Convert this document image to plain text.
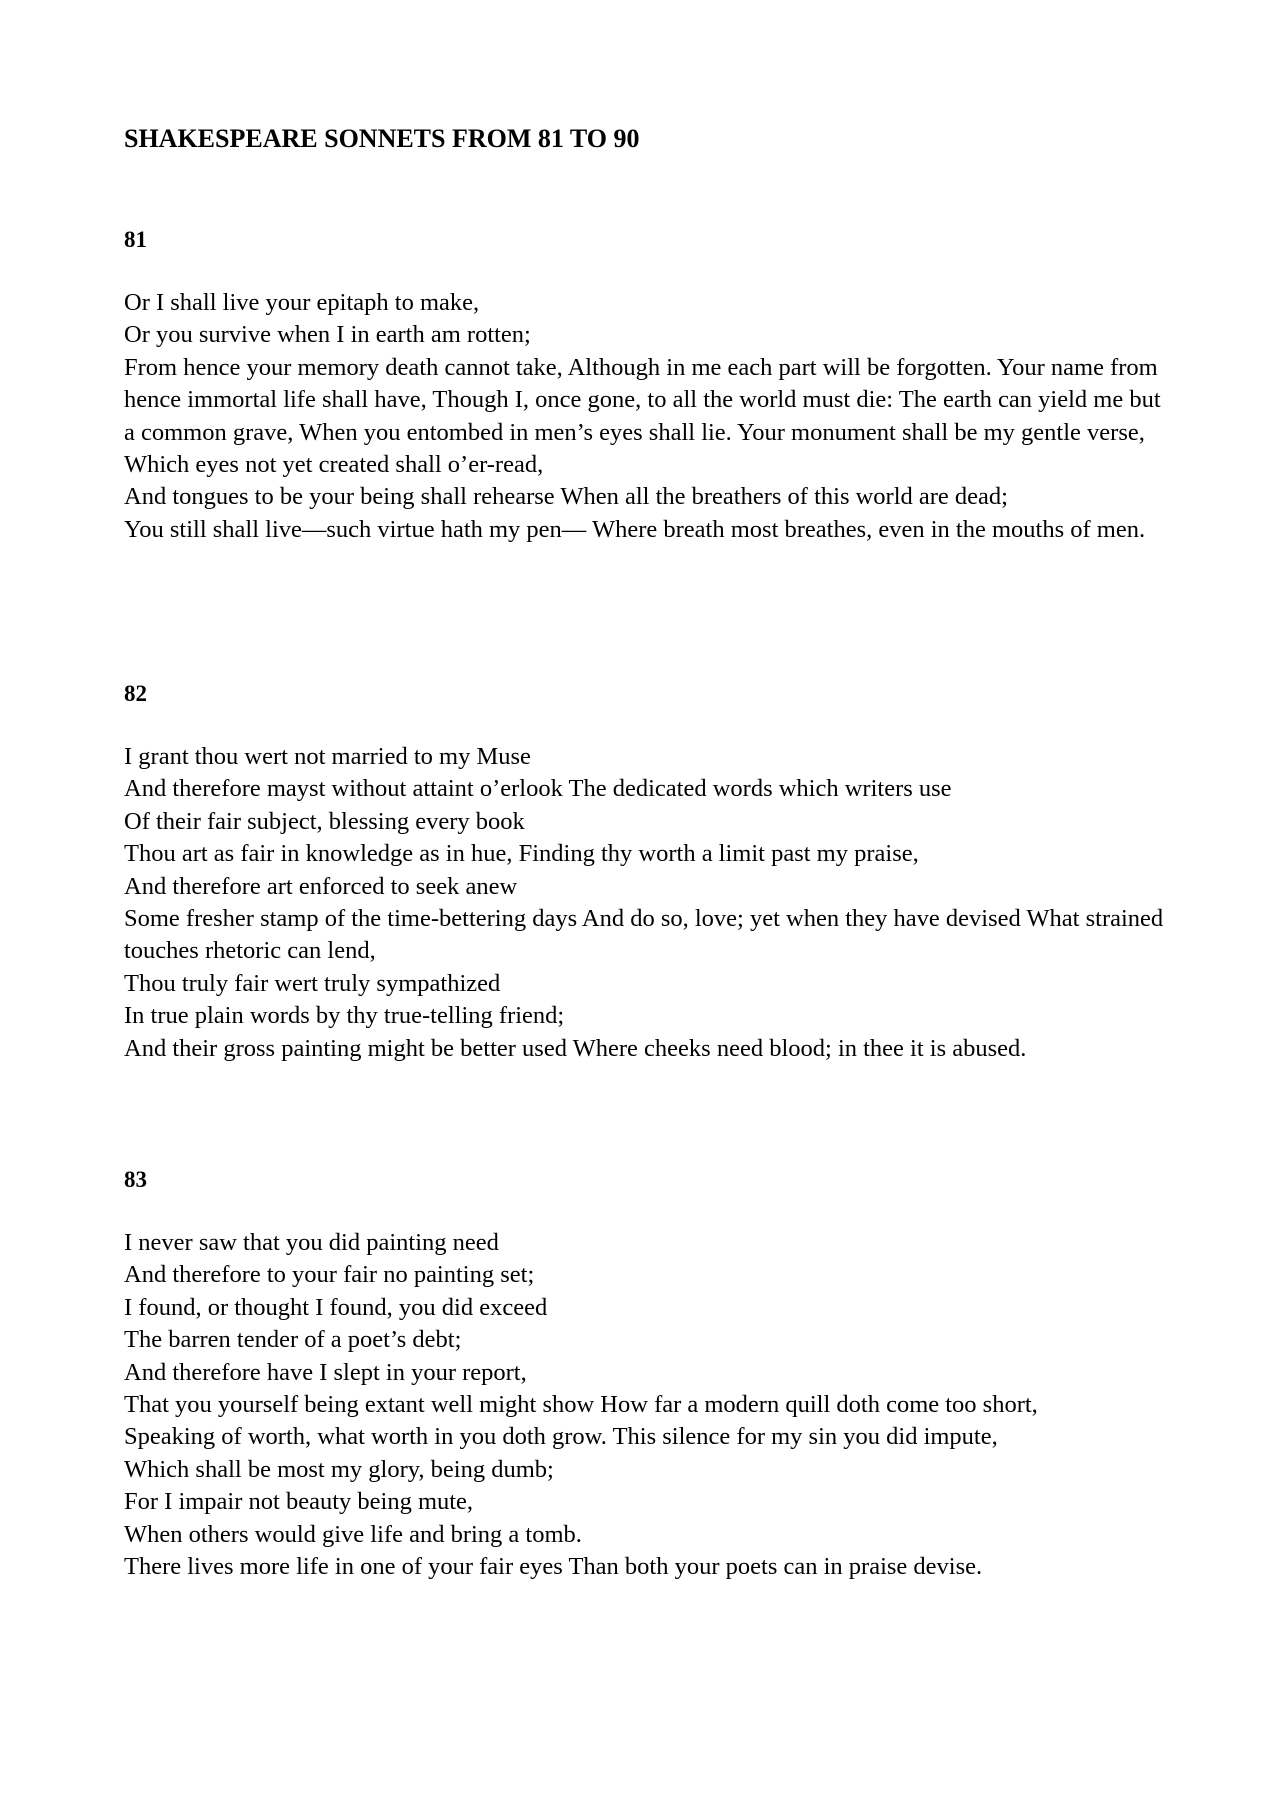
SHAKESPEARE SONNETS FROM 81 TO 90
81
Or I shall live your epitaph to make,
Or you survive when I in earth am rotten;
From hence your memory death cannot take, Although in me each part will be forgotten. Your name from hence immortal life shall have, Though I, once gone, to all the world must die: The earth can yield me but a common grave, When you entombed in men’s eyes shall lie. Your monument shall be my gentle verse, Which eyes not yet created shall o’er-read,
And tongues to be your being shall rehearse When all the breathers of this world are dead;
You still shall live—such virtue hath my pen— Where breath most breathes, even in the mouths of men.
82
I grant thou wert not married to my Muse
And therefore mayst without attaint o’erlook The dedicated words which writers use
Of their fair subject, blessing every book
Thou art as fair in knowledge as in hue, Finding thy worth a limit past my praise,
And therefore art enforced to seek anew
Some fresher stamp of the time-bettering days And do so, love; yet when they have devised What strained touches rhetoric can lend,
Thou truly fair wert truly sympathized
In true plain words by thy true-telling friend;
And their gross painting might be better used Where cheeks need blood; in thee it is abused.
83
I never saw that you did painting need
And therefore to your fair no painting set;
I found, or thought I found, you did exceed
The barren tender of a poet’s debt;
And therefore have I slept in your report,
That you yourself being extant well might show How far a modern quill doth come too short,
Speaking of worth, what worth in you doth grow. This silence for my sin you did impute,
Which shall be most my glory, being dumb;
For I impair not beauty being mute,
When others would give life and bring a tomb.
There lives more life in one of your fair eyes Than both your poets can in praise devise.
